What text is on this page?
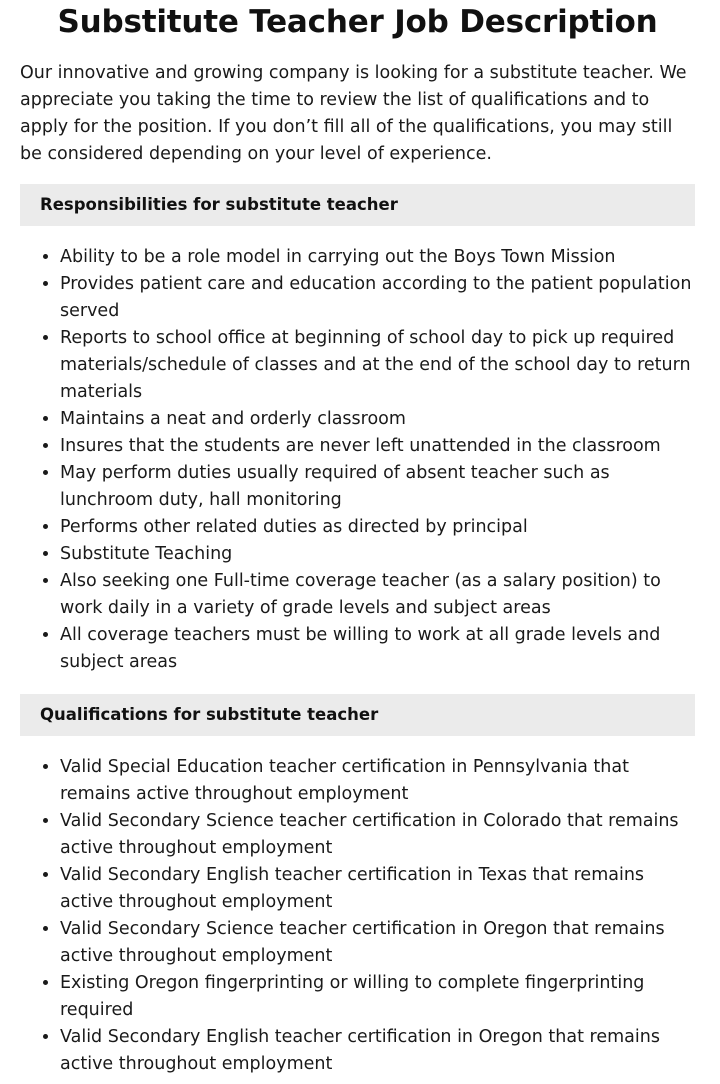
Substitute Teacher Job Description

Our innovative and growing company is looking for a substitute teacher. We appreciate you taking the time to review the list of qualifications and to apply for the position. If you don’t fill all of the qualifications, you may still be considered depending on your level of experience.

Responsibilities for substitute teacher
• Ability to be a role model in carrying out the Boys Town Mission
• Provides patient care and education according to the patient population served
• Reports to school office at beginning of school day to pick up required materials/schedule of classes and at the end of the school day to return materials
• Maintains a neat and orderly classroom
• Insures that the students are never left unattended in the classroom
• May perform duties usually required of absent teacher such as lunchroom duty, hall monitoring
• Performs other related duties as directed by principal
• Substitute Teaching
• Also seeking one Full-time coverage teacher (as a salary position) to work daily in a variety of grade levels and subject areas
• All coverage teachers must be willing to work at all grade levels and subject areas
Qualifications for substitute teacher
• Valid Special Education teacher certification in Pennsylvania that remains active throughout employment
• Valid Secondary Science teacher certification in Colorado that remains active throughout employment
• Valid Secondary English teacher certification in Texas that remains active throughout employment
• Valid Secondary Science teacher certification in Oregon that remains active throughout employment
• Existing Oregon fingerprinting or willing to complete fingerprinting required
• Valid Secondary English teacher certification in Oregon that remains active throughout employment
